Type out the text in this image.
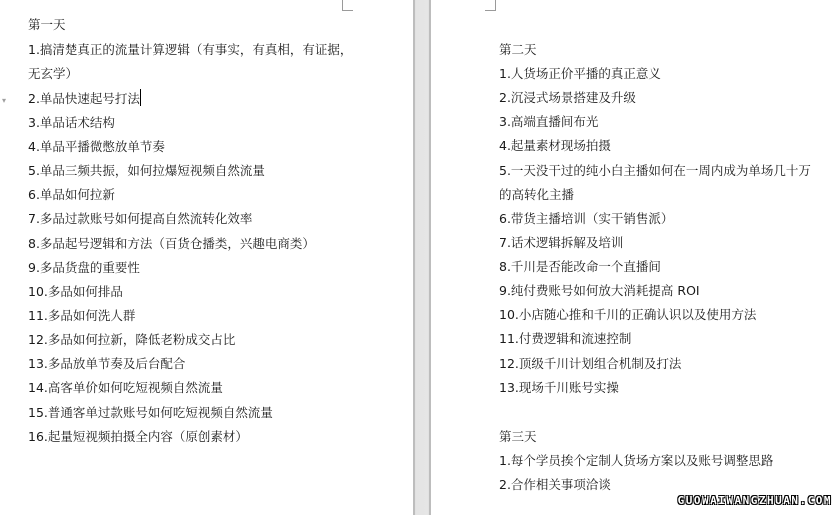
▾
第一天
1.搞清楚真正的流量计算逻辑（有事实，有真相，有证据，
无玄学）
2.单品快速起号打法
3.单品话术结构
4.单品平播微憋放单节奏
5.单品三频共振，如何拉爆短视频自然流量
6.单品如何拉新
7.多品过款账号如何提高自然流转化效率
8.多品起号逻辑和方法（百货仓播类，兴趣电商类）
9.多品货盘的重要性
10.多品如何排品
11.多品如何洗人群
12.多品如何拉新，降低老粉成交占比
13.多品放单节奏及后台配合
14.高客单价如何吃短视频自然流量
15.普通客单过款账号如何吃短视频自然流量
16.起量短视频拍摄全内容（原创素材）
第二天
1.人货场正价平播的真正意义
2.沉浸式场景搭建及升级
3.高端直播间布光
4.起量素材现场拍摄
5.一天没干过的纯小白主播如何在一周内成为单场几十万
的高转化主播
6.带货主播培训（实干销售派）
7.话术逻辑拆解及培训
8.千川是否能改命一个直播间
9.纯付费账号如何放大消耗提高 ROI
10.小店随心推和千川的正确认识以及使用方法
11.付费逻辑和流速控制
12.顶级千川计划组合机制及打法
13.现场千川账号实操
第三天
1.每个学员挨个定制人货场方案以及账号调整思路
2.合作相关事项洽谈
GUOWAIWANGZHUAN.COM
